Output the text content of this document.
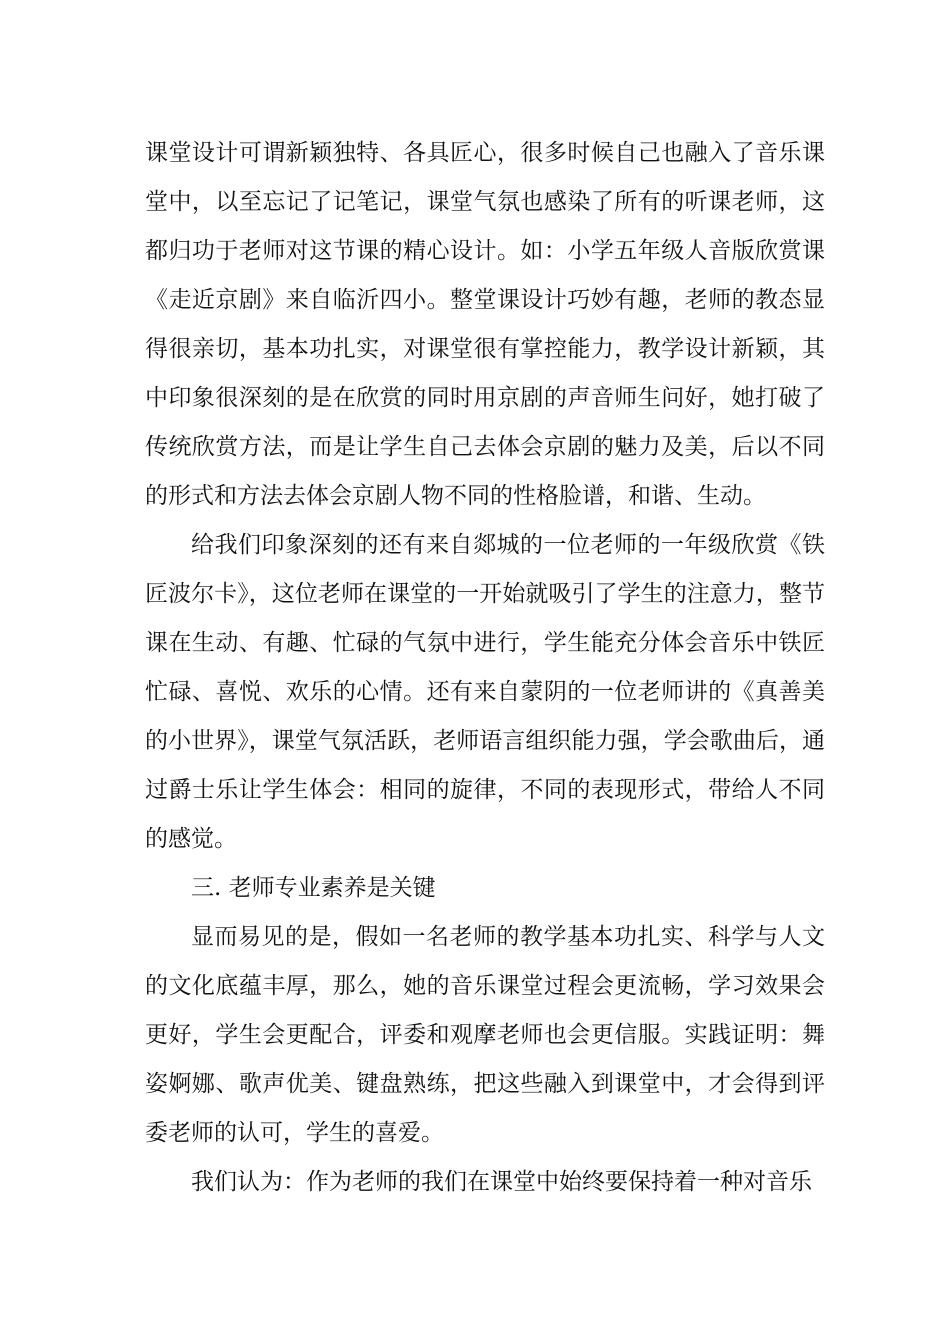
课堂设计可谓新颖独特、各具匠心，很多时候自己也融入了音乐课堂中，以至忘记了记笔记，课堂气氛也感染了所有的听课老师，这都归功于老师对这节课的精心设计。如：小学五年级人音版欣赏课《走近京剧》来自临沂四小。整堂课设计巧妙有趣，老师的教态显得很亲切，基本功扎实，对课堂很有掌控能力，教学设计新颖，其中印象很深刻的是在欣赏的同时用京剧的声音师生问好，她打破了传统欣赏方法，而是让学生自己去体会京剧的魅力及美，后以不同的形式和方法去体会京剧人物不同的性格脸谱，和谐、生动。

给我们印象深刻的还有来自郯城的一位老师的一年级欣赏《铁匠波尔卡》，这位老师在课堂的一开始就吸引了学生的注意力，整节课在生动、有趣、忙碌的气氛中进行，学生能充分体会音乐中铁匠忙碌、喜悦、欢乐的心情。还有来自蒙阴的一位老师讲的《真善美的小世界》，课堂气氛活跃，老师语言组织能力强，学会歌曲后，通过爵士乐让学生体会：相同的旋律，不同的表现形式，带给人不同的感觉。

三. 老师专业素养是关键

显而易见的是，假如一名老师的教学基本功扎实、科学与人文的文化底蕴丰厚，那么，她的音乐课堂过程会更流畅，学习效果会更好，学生会更配合，评委和观摩老师也会更信服。实践证明：舞姿婀娜、歌声优美、键盘熟练，把这些融入到课堂中，才会得到评委老师的认可，学生的喜爱。

我们认为：作为老师的我们在课堂中始终要保持着一种对音乐
